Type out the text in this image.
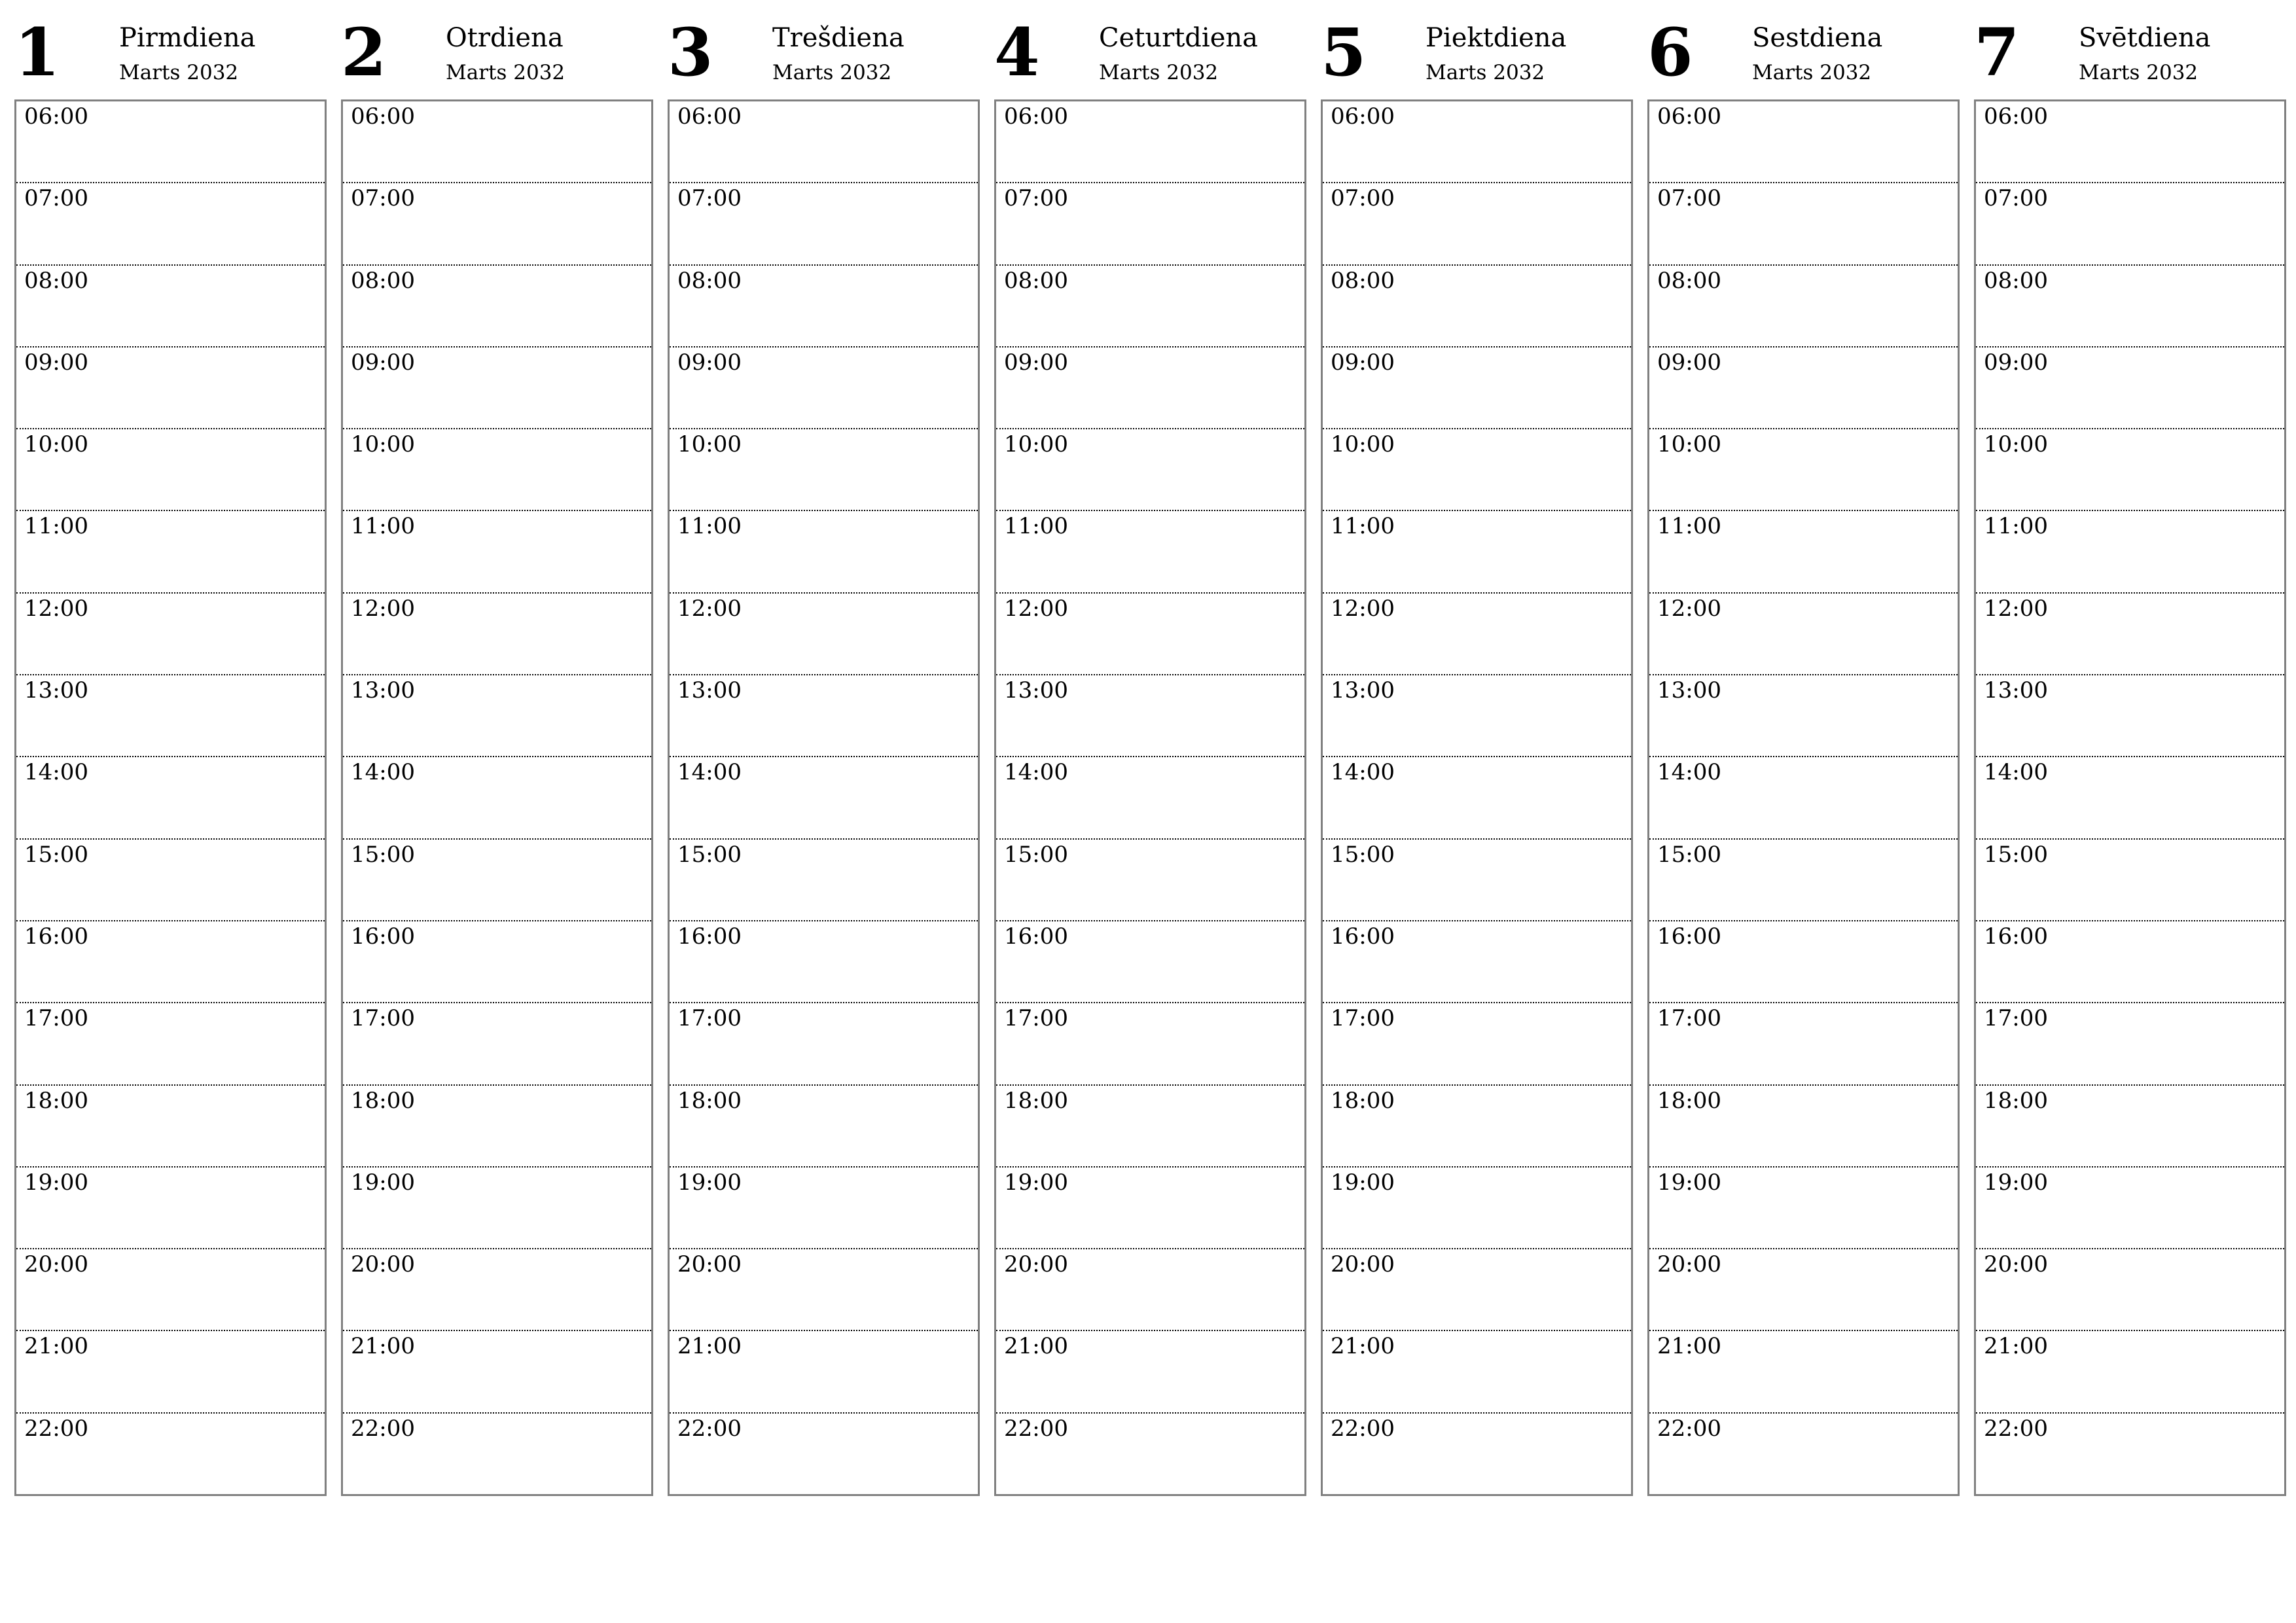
1 Pirmdiena
Marts 2032
06:00
07:00
08:00
09:00
10:00
11:00
12:00
13:00
14:00
15:00
16:00
17:00
18:00
19:00
20:00
21:00
22:00
2 Otrdiena
Marts 2032
06:00
07:00
08:00
09:00
10:00
11:00
12:00
13:00
14:00
15:00
16:00
17:00
18:00
19:00
20:00
21:00
22:00
3 Trešdiena
Marts 2032
06:00
07:00
08:00
09:00
10:00
11:00
12:00
13:00
14:00
15:00
16:00
17:00
18:00
19:00
20:00
21:00
22:00
4 Ceturtdiena
Marts 2032
06:00
07:00
08:00
09:00
10:00
11:00
12:00
13:00
14:00
15:00
16:00
17:00
18:00
19:00
20:00
21:00
22:00
5 Piektdiena
Marts 2032
06:00
07:00
08:00
09:00
10:00
11:00
12:00
13:00
14:00
15:00
16:00
17:00
18:00
19:00
20:00
21:00
22:00
6 Sestdiena
Marts 2032
06:00
07:00
08:00
09:00
10:00
11:00
12:00
13:00
14:00
15:00
16:00
17:00
18:00
19:00
20:00
21:00
22:00
7 Svētdiena
Marts 2032
06:00
07:00
08:00
09:00
10:00
11:00
12:00
13:00
14:00
15:00
16:00
17:00
18:00
19:00
20:00
21:00
22:00
